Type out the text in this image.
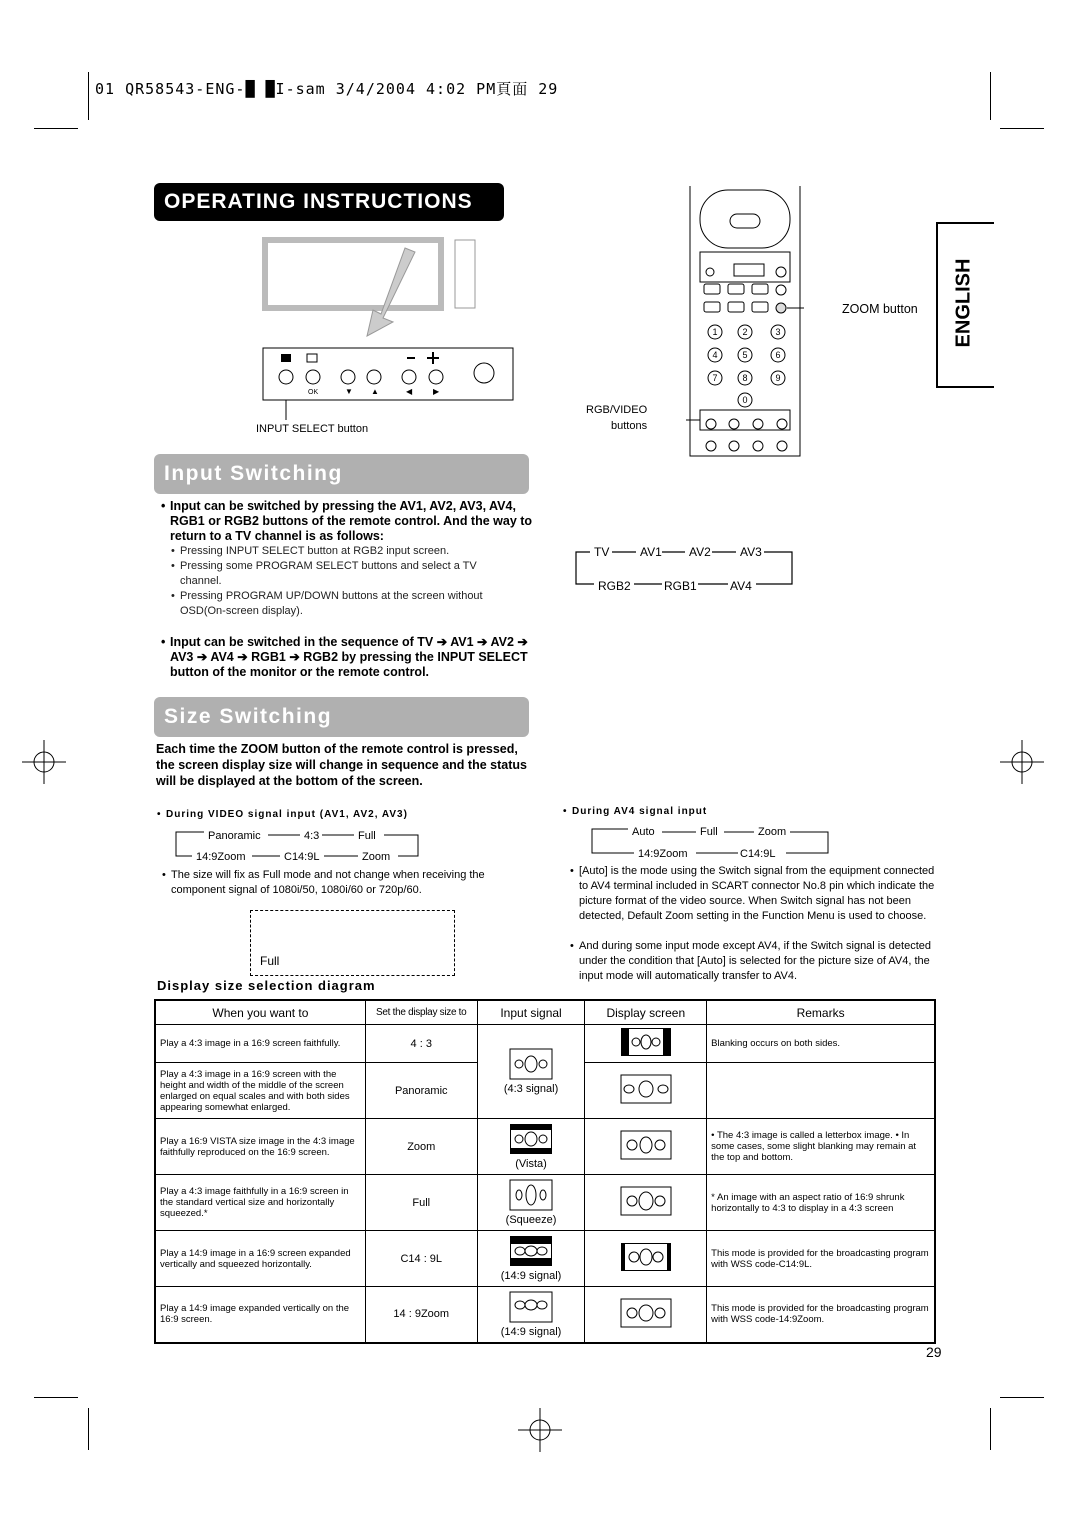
01 QR58543-ENG-█ █I-sam 3/4/2004 4:02 PM頁面 29
OPERATING INSTRUCTIONS
ENGLISH
OK	▼ ▲	◀	▶
INPUT SELECT button
1	2	3
4	5	6
7	8	9
0
ZOOM button
RGB/VIDEO
buttons
Input Switching
• Input can be switched by pressing the AV1, AV2, AV3, AV4, RGB1 or RGB2 buttons of the remote control. And the way to return to a TV channel is as follows:
• Pressing INPUT SELECT button at RGB2 input screen.
• Pressing some PROGRAM SELECT buttons and select a TV channel.
• Pressing PROGRAM UP/DOWN buttons at the screen without OSD(On-screen display).
• Input can be switched in the sequence of TV ➔ AV1 ➔ AV2 ➔ AV3 ➔ AV4 ➔ RGB1 ➔ RGB2 by pressing the INPUT SELECT button of the monitor or the remote control.
TV	AV1 AV2 AV3
AV4
RGB1
RGB2
Size Switching
Each time the ZOOM button of the remote control is pressed, the screen display size will change in sequence and the status will be displayed at the bottom of the screen.
• During VIDEO signal input (AV1, AV2, AV3)
Panoramic	4:3	Full
Zoom
C14:9L
14:9Zoom
• The size will fix as Full mode and not change when receiving the component signal of 1080i/50, 1080i/60 or 720p/60.
Full
• During AV4 signal input
Auto	Full	Zoom
C14:9L
14:9Zoom
• [Auto] is the mode using the Switch signal from the equipment connected to AV4 terminal included in SCART connector No.8 pin which indicate the picture format of the video source. When Switch signal has not been detected, Default Zoom setting in the Function Menu is used to choose.
• And during some input mode except AV4, if the Switch signal is detected under the condition that [Auto] is selected for the picture size of AV4, the input mode will automatically transfer to AV4.
Display size selection diagram
When you want to	Set the display size to	Input signal	Display screen	Remarks
Play a 4:3 image in a 16:9 screen faithfully.	4 : 3	(4:3 signal)		Blanking occurs on both sides.
Play a 4:3 image in a 16:9 screen with the height and width of the middle of the screen enlarged on equal scales and with both sides appearing somewhat enlarged.	Panoramic		
Play a 16:9 VISTA size image in the 4:3 image faithfully reproduced on the 16:9 screen.	Zoom	(Vista)		• The 4:3 image is called a letterbox image. • In some cases, some slight blanking may remain at the top and bottom.
Play a 4:3 image faithfully in a 16:9 screen in the standard vertical size and horizontally squeezed.*	Full	(Squeeze)		* An image with an aspect ratio of 16:9 shrunk horizontally to 4:3 to display in a 4:3 screen
Play a 14:9 image in a 16:9 screen expanded vertically and squeezed horizontally.	C14 : 9L	(14:9 signal)		This mode is provided for the broadcasting program with WSS code-C14:9L.
Play a 14:9 image expanded vertically on the 16:9 screen.	14 : 9Zoom	(14:9 signal)		This mode is provided for the broadcasting program with WSS code-14:9Zoom.
29
